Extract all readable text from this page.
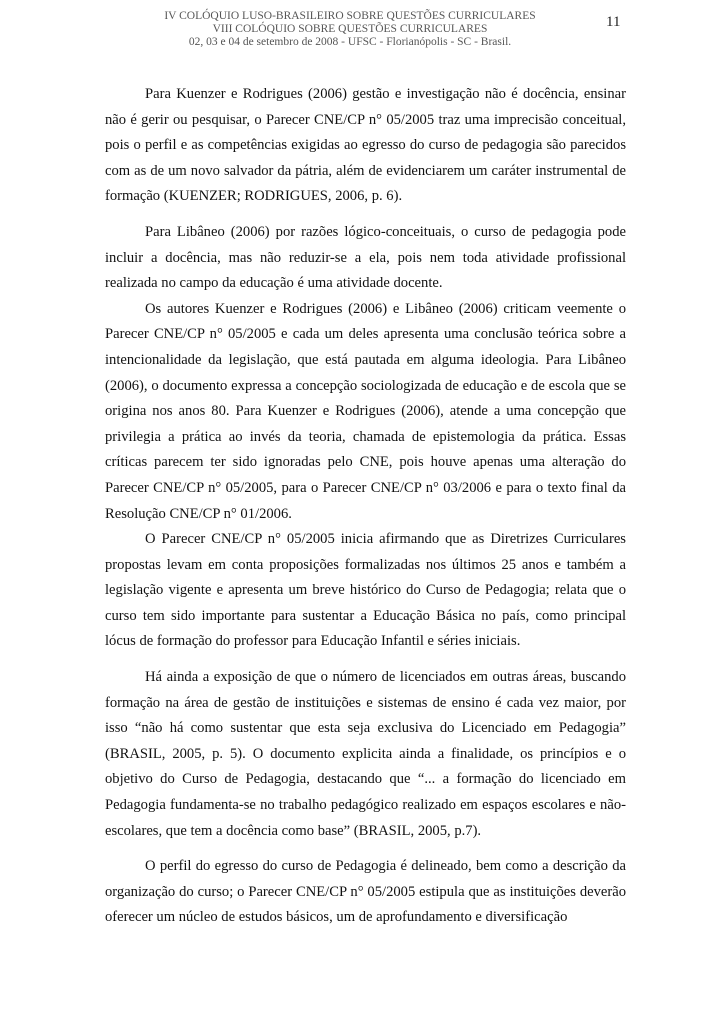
IV COLÓQUIO LUSO-BRASILEIRO SOBRE QUESTÕES CURRICULARES
VIII COLÓQUIO SOBRE QUESTÕES CURRICULARES
02, 03 e 04 de setembro de 2008 - UFSC - Florianópolis - SC - Brasil.
11

Para Kuenzer e Rodrigues (2006) gestão e investigação não é docência, ensinar não é gerir ou pesquisar, o Parecer CNE/CP n° 05/2005 traz uma imprecisão conceitual, pois o perfil e as competências exigidas ao egresso do curso de pedagogia são parecidos com as de um novo salvador da pátria, além de evidenciarem um caráter instrumental de formação (KUENZER; RODRIGUES, 2006, p. 6).

Para Libâneo (2006) por razões lógico-conceituais, o curso de pedagogia pode incluir a docência, mas não reduzir-se a ela, pois nem toda atividade profissional realizada no campo da educação é uma atividade docente.

Os autores Kuenzer e Rodrigues (2006) e Libâneo (2006) criticam veemente o Parecer CNE/CP n° 05/2005 e cada um deles apresenta uma conclusão teórica sobre a intencionalidade da legislação, que está pautada em alguma ideologia. Para Libâneo (2006), o documento expressa a concepção sociologizada de educação e de escola que se origina nos anos 80. Para Kuenzer e Rodrigues (2006), atende a uma concepção que privilegia a prática ao invés da teoria, chamada de epistemologia da prática. Essas críticas parecem ter sido ignoradas pelo CNE, pois houve apenas uma alteração do Parecer CNE/CP n° 05/2005, para o Parecer CNE/CP n° 03/2006 e para o texto final da Resolução CNE/CP n° 01/2006.

O Parecer CNE/CP n° 05/2005 inicia afirmando que as Diretrizes Curriculares propostas levam em conta proposições formalizadas nos últimos 25 anos e também a legislação vigente e apresenta um breve histórico do Curso de Pedagogia; relata que o curso tem sido importante para sustentar a Educação Básica no país, como principal lócus de formação do professor para Educação Infantil e séries iniciais.

Há ainda a exposição de que o número de licenciados em outras áreas, buscando formação na área de gestão de instituições e sistemas de ensino é cada vez maior, por isso “não há como sustentar que esta seja exclusiva do Licenciado em Pedagogia” (BRASIL, 2005, p. 5). O documento explicita ainda a finalidade, os princípios e o objetivo do Curso de Pedagogia, destacando que “... a formação do licenciado em Pedagogia fundamenta-se no trabalho pedagógico realizado em espaços escolares e não-escolares, que tem a docência como base” (BRASIL, 2005, p.7).

O perfil do egresso do curso de Pedagogia é delineado, bem como a descrição da organização do curso; o Parecer CNE/CP n° 05/2005 estipula que as instituições deverão oferecer um núcleo de estudos básicos, um de aprofundamento e diversificação
